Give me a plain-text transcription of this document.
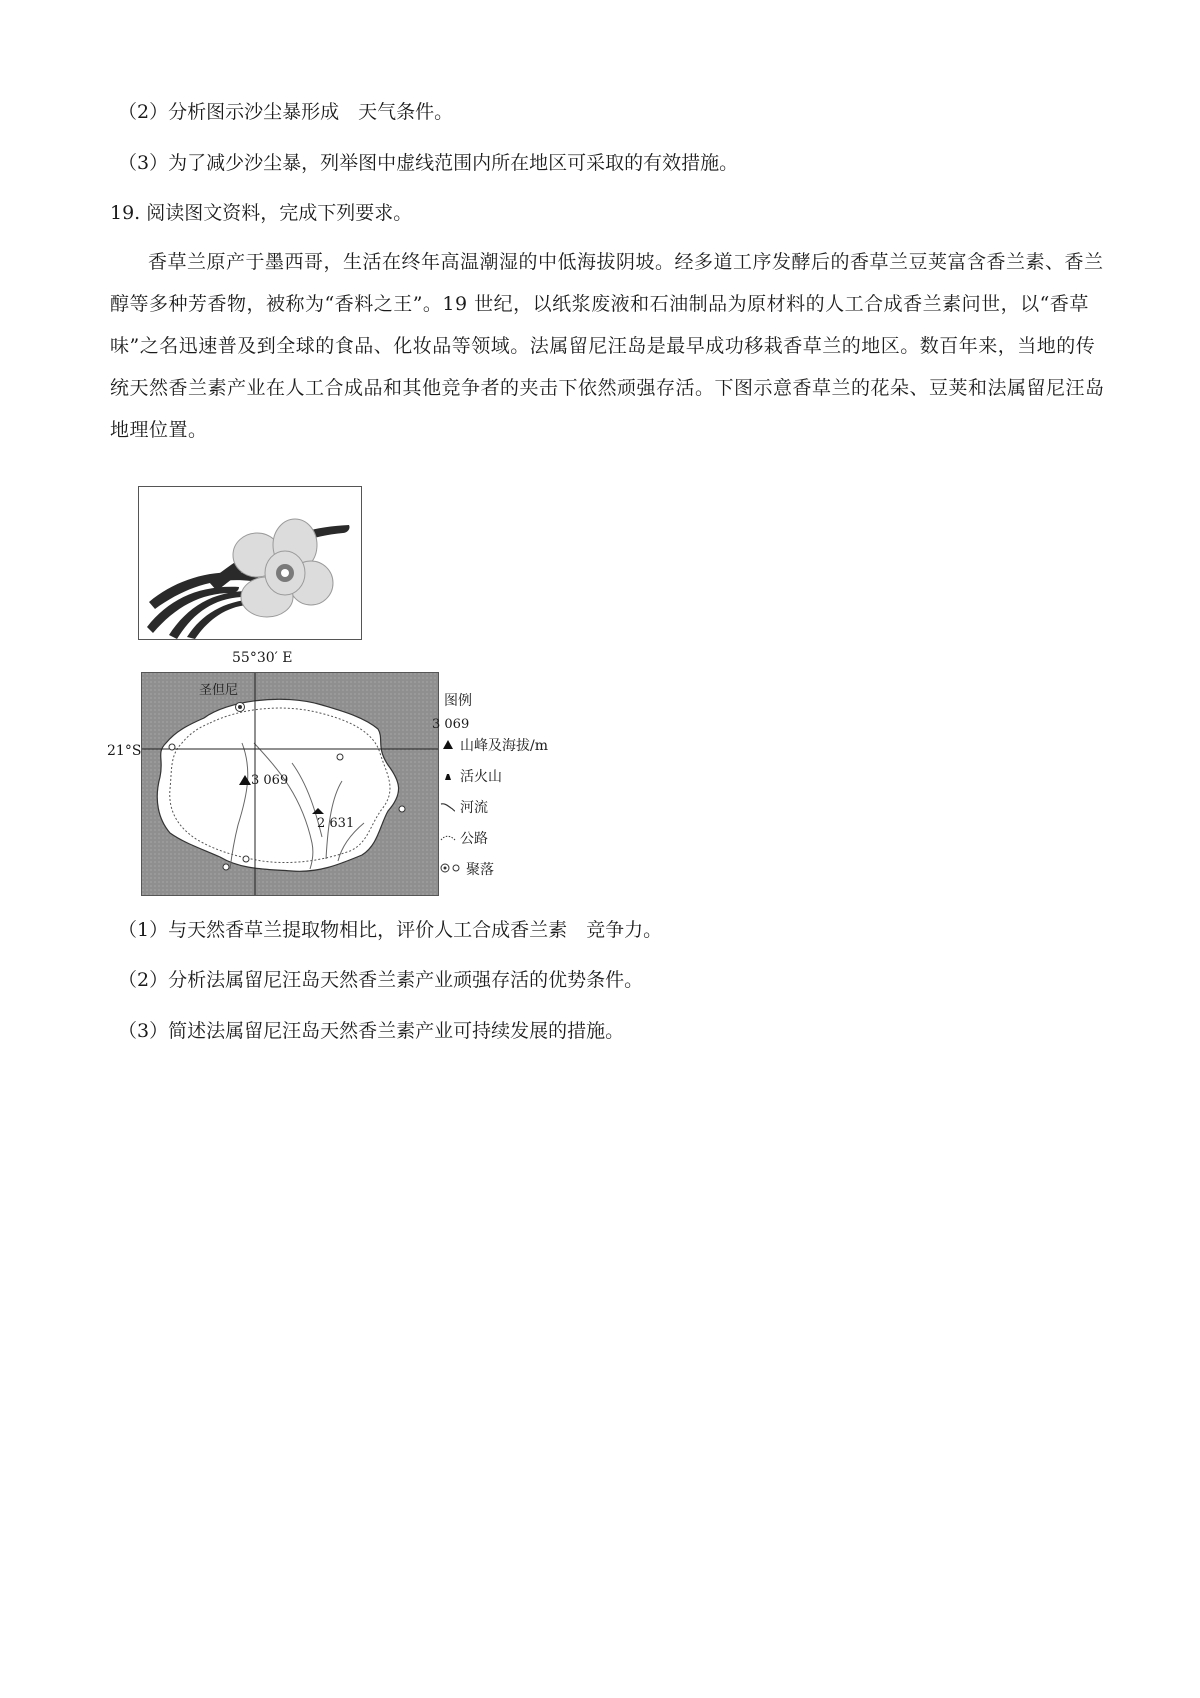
（2）分析图示沙尘暴形成　天气条件。
（3）为了减少沙尘暴，列举图中虚线范围内所在地区可采取的有效措施。
19. 阅读图文资料，完成下列要求。
香草兰原产于墨西哥，生活在终年高温潮湿的中低海拔阴坡。经多道工序发酵后的香草兰豆荚富含香兰素、香兰醇等多种芳香物，被称为“香料之王”。19 世纪，以纸浆废液和石油制品为原材料的人工合成香兰素问世，以“香草味”之名迅速普及到全球的食品、化妆品等领域。法属留尼汪岛是最早成功移栽香草兰的地区。数百年来，当地的传统天然香兰素产业在人工合成品和其他竞争者的夹击下依然顽强存活。下图示意香草兰的花朵、豆荚和法属留尼汪岛地理位置。
55°30′ E
21°S
圣但尼
3 069
2 631
3 069
图例
山峰及海拔/m
活火山
河流
公路
聚落
（1）与天然香草兰提取物相比，评价人工合成香兰素　竞争力。
（2）分析法属留尼汪岛天然香兰素产业顽强存活的优势条件。
（3）简述法属留尼汪岛天然香兰素产业可持续发展的措施。
